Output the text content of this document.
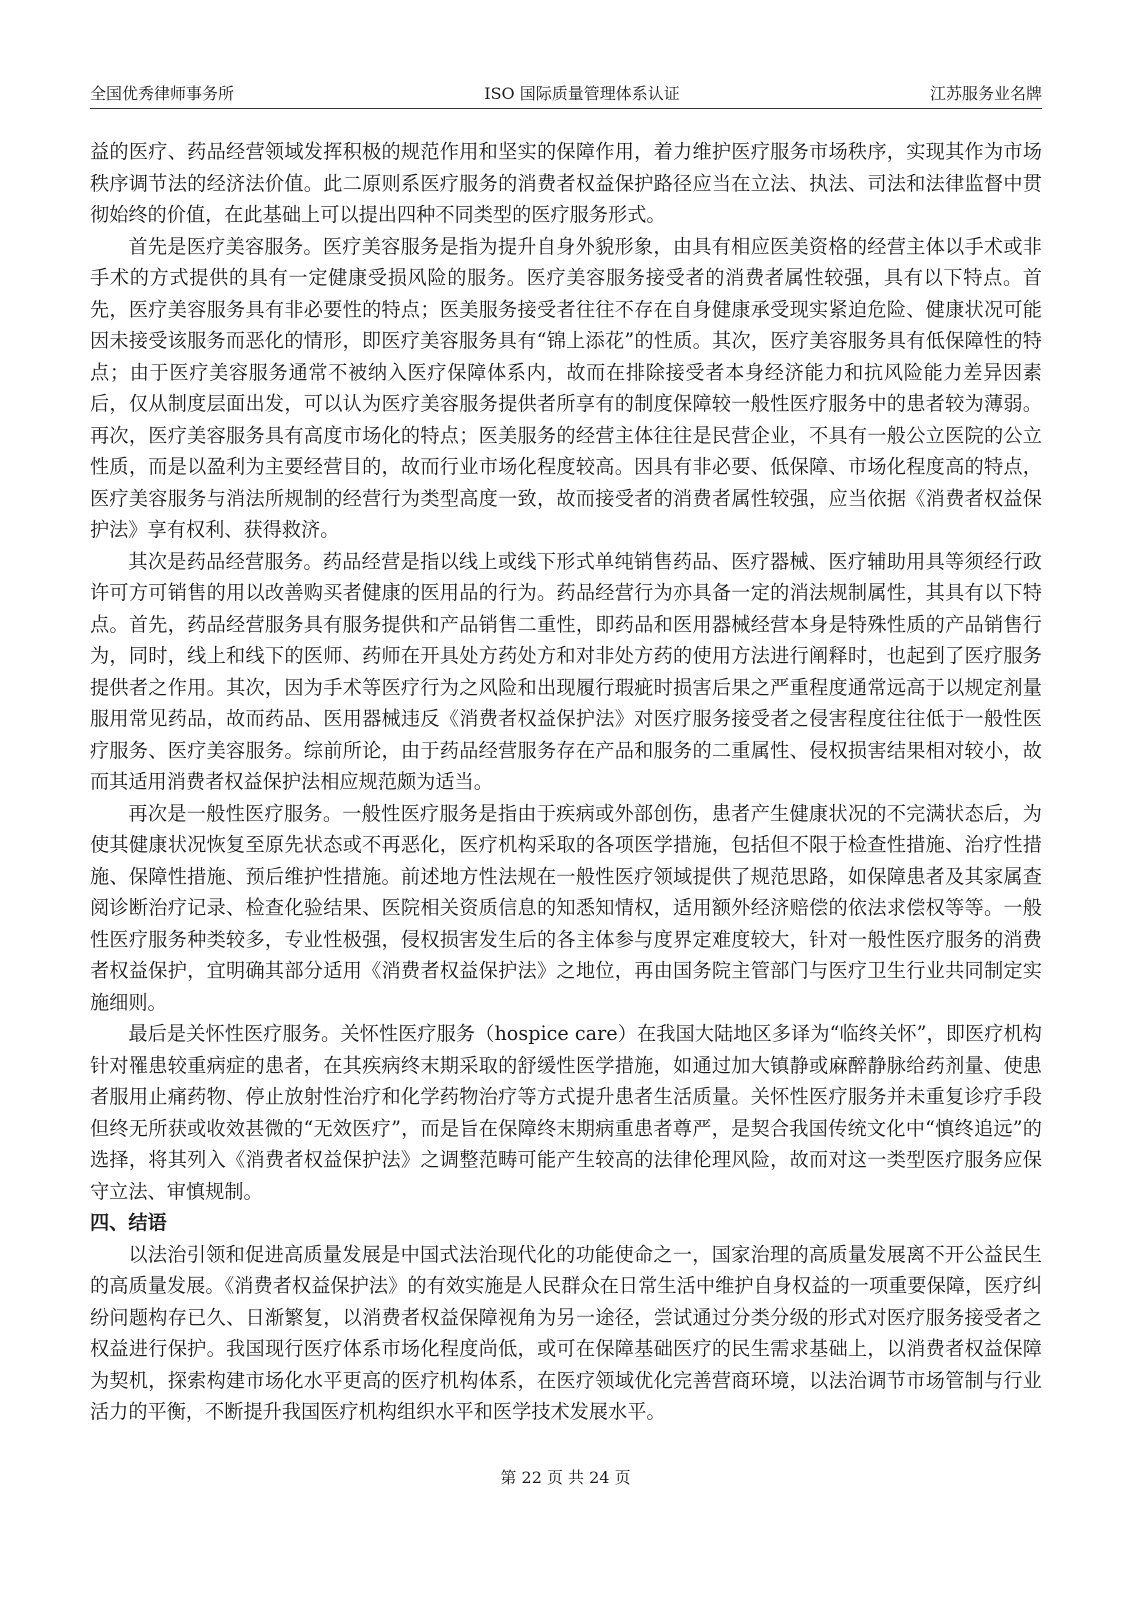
全国优秀律师事务所	ISO 国际质量管理体系认证	江苏服务业名牌

益的医疗、药品经营领域发挥积极的规范作用和坚实的保障作用，着力维护医疗服务市场秩序，实现其作为市场秩序调节法的经济法价值。此二原则系医疗服务的消费者权益保护路径应当在立法、执法、司法和法律监督中贯彻始终的价值，在此基础上可以提出四种不同类型的医疗服务形式。

首先是医疗美容服务。医疗美容服务是指为提升自身外貌形象，由具有相应医美资格的经营主体以手术或非手术的方式提供的具有一定健康受损风险的服务。医疗美容服务接受者的消费者属性较强，具有以下特点。首先，医疗美容服务具有非必要性的特点；医美服务接受者往往不存在自身健康承受现实紧迫危险、健康状况可能因未接受该服务而恶化的情形，即医疗美容服务具有“锦上添花”的性质。其次，医疗美容服务具有低保障性的特点；由于医疗美容服务通常不被纳入医疗保障体系内，故而在排除接受者本身经济能力和抗风险能力差异因素后，仅从制度层面出发，可以认为医疗美容服务提供者所享有的制度保障较一般性医疗服务中的患者较为薄弱。再次，医疗美容服务具有高度市场化的特点；医美服务的经营主体往往是民营企业，不具有一般公立医院的公立性质，而是以盈利为主要经营目的，故而行业市场化程度较高。因具有非必要、低保障、市场化程度高的特点，医疗美容服务与消法所规制的经营行为类型高度一致，故而接受者的消费者属性较强，应当依据《消费者权益保护法》享有权利、获得救济。

其次是药品经营服务。药品经营是指以线上或线下形式单纯销售药品、医疗器械、医疗辅助用具等须经行政许可方可销售的用以改善购买者健康的医用品的行为。药品经营行为亦具备一定的消法规制属性，其具有以下特点。首先，药品经营服务具有服务提供和产品销售二重性，即药品和医用器械经营本身是特殊性质的产品销售行为，同时，线上和线下的医师、药师在开具处方药处方和对非处方药的使用方法进行阐释时，也起到了医疗服务提供者之作用。其次，因为手术等医疗行为之风险和出现履行瑕疵时损害后果之严重程度通常远高于以规定剂量服用常见药品，故而药品、医用器械违反《消费者权益保护法》对医疗服务接受者之侵害程度往往低于一般性医疗服务、医疗美容服务。综前所论，由于药品经营服务存在产品和服务的二重属性、侵权损害结果相对较小，故而其适用消费者权益保护法相应规范颇为适当。

再次是一般性医疗服务。一般性医疗服务是指由于疾病或外部创伤，患者产生健康状况的不完满状态后，为使其健康状况恢复至原先状态或不再恶化，医疗机构采取的各项医学措施，包括但不限于检查性措施、治疗性措施、保障性措施、预后维护性措施。前述地方性法规在一般性医疗领域提供了规范思路，如保障患者及其家属查阅诊断治疗记录、检查化验结果、医院相关资质信息的知悉知情权，适用额外经济赔偿的依法求偿权等等。一般性医疗服务种类较多，专业性极强，侵权损害发生后的各主体参与度界定难度较大，针对一般性医疗服务的消费者权益保护，宜明确其部分适用《消费者权益保护法》之地位，再由国务院主管部门与医疗卫生行业共同制定实施细则。

最后是关怀性医疗服务。关怀性医疗服务（hospice care）在我国大陆地区多译为“临终关怀”，即医疗机构针对罹患较重病症的患者，在其疾病终末期采取的舒缓性医学措施，如通过加大镇静或麻醉静脉给药剂量、使患者服用止痛药物、停止放射性治疗和化学药物治疗等方式提升患者生活质量。关怀性医疗服务并未重复诊疗手段但终无所获或收效甚微的“无效医疗”，而是旨在保障终末期病重患者尊严，是契合我国传统文化中“慎终追远”的选择，将其列入《消费者权益保护法》之调整范畴可能产生较高的法律伦理风险，故而对这一类型医疗服务应保守立法、审慎规制。

四、结语

以法治引领和促进高质量发展是中国式法治现代化的功能使命之一，国家治理的高质量发展离不开公益民生的高质量发展。《消费者权益保护法》的有效实施是人民群众在日常生活中维护自身权益的一项重要保障，医疗纠纷问题构存已久、日渐繁复，以消费者权益保障视角为另一途径，尝试通过分类分级的形式对医疗服务接受者之权益进行保护。我国现行医疗体系市场化程度尚低，或可在保障基础医疗的民生需求基础上，以消费者权益保障为契机，探索构建市场化水平更高的医疗机构体系，在医疗领域优化完善营商环境，以法治调节市场管制与行业活力的平衡，不断提升我国医疗机构组织水平和医学技术发展水平。

第 22 页 共 24 页
